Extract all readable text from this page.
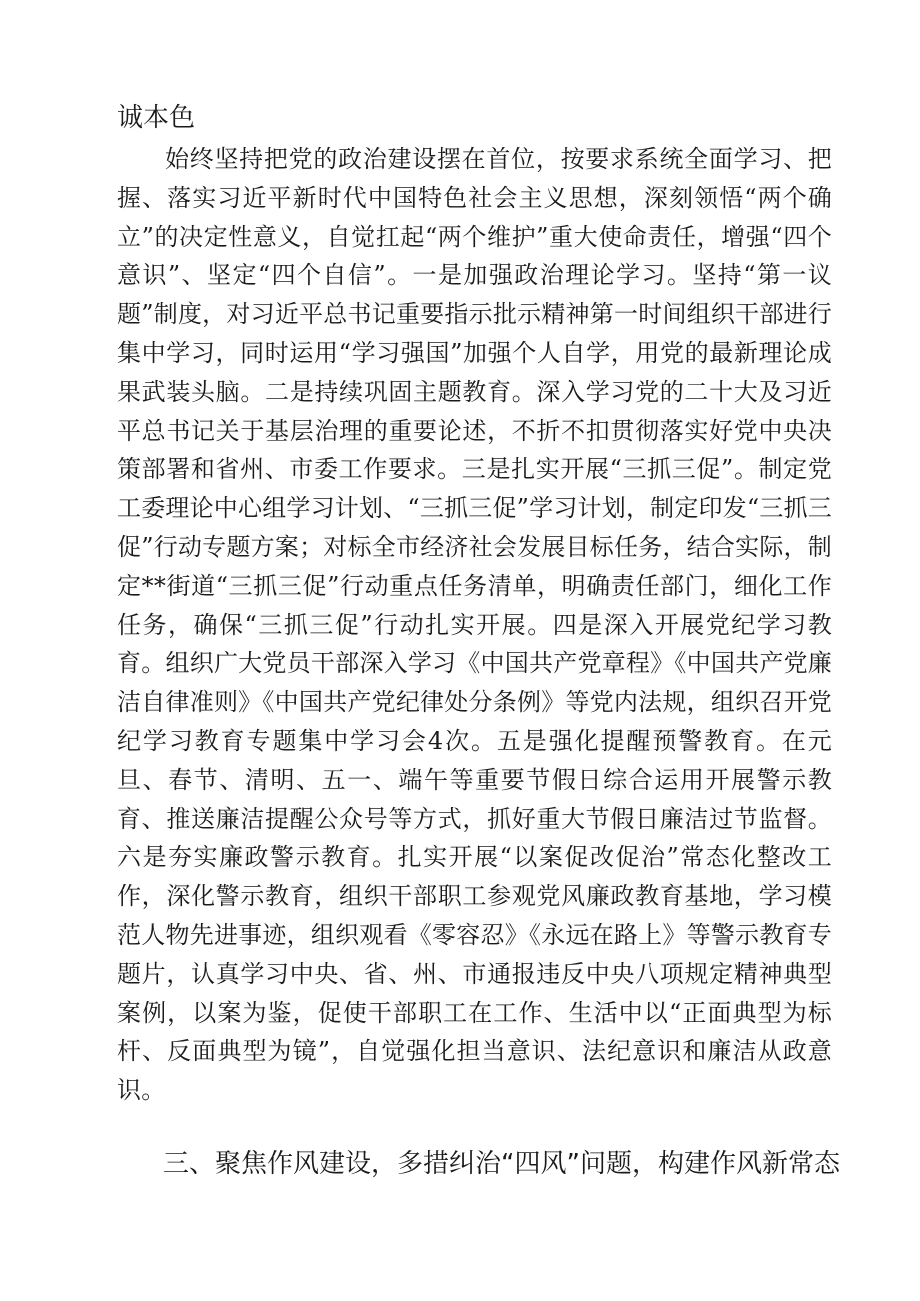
诚本色
始终坚持把党的政治建设摆在首位，按要求系统全面学习、把握、落实习近平新时代中国特色社会主义思想，深刻领悟“两个确立”的决定性意义，自觉扛起“两个维护”重大使命责任，增强“四个意识”、坚定“四个自信”。一是加强政治理论学习。坚持“第一议题”制度，对习近平总书记重要指示批示精神第一时间组织干部进行集中学习，同时运用“学习强国”加强个人自学，用党的最新理论成果武装头脑。二是持续巩固主题教育。深入学习党的二十大及习近平总书记关于基层治理的重要论述，不折不扣贯彻落实好党中央决策部署和省州、市委工作要求。三是扎实开展“三抓三促”。制定党工委理论中心组学习计划、“三抓三促”学习计划，制定印发“三抓三促”行动专题方案；对标全市经济社会发展目标任务，结合实际，制定**街道“三抓三促”行动重点任务清单，明确责任部门，细化工作任务，确保“三抓三促”行动扎实开展。四是深入开展党纪学习教育。组织广大党员干部深入学习《中国共产党章程》《中国共产党廉洁自律准则》《中国共产党纪律处分条例》等党内法规，组织召开党纪学习教育专题集中学习会4次。五是强化提醒预警教育。在元旦、春节、清明、五一、端午等重要节假日综合运用开展警示教育、推送廉洁提醒公众号等方式，抓好重大节假日廉洁过节监督。六是夯实廉政警示教育。扎实开展“以案促改促治”常态化整改工作，深化警示教育，组织干部职工参观党风廉政教育基地，学习模范人物先进事迹，组织观看《零容忍》《永远在路上》等警示教育专题片，认真学习中央、省、州、市通报违反中央八项规定精神典型案例，以案为鉴，促使干部职工在工作、生活中以“正面典型为标杆、反面典型为镜”，自觉强化担当意识、法纪意识和廉洁从政意识。
三、聚焦作风建设，多措纠治“四风”问题，构建作风新常态
